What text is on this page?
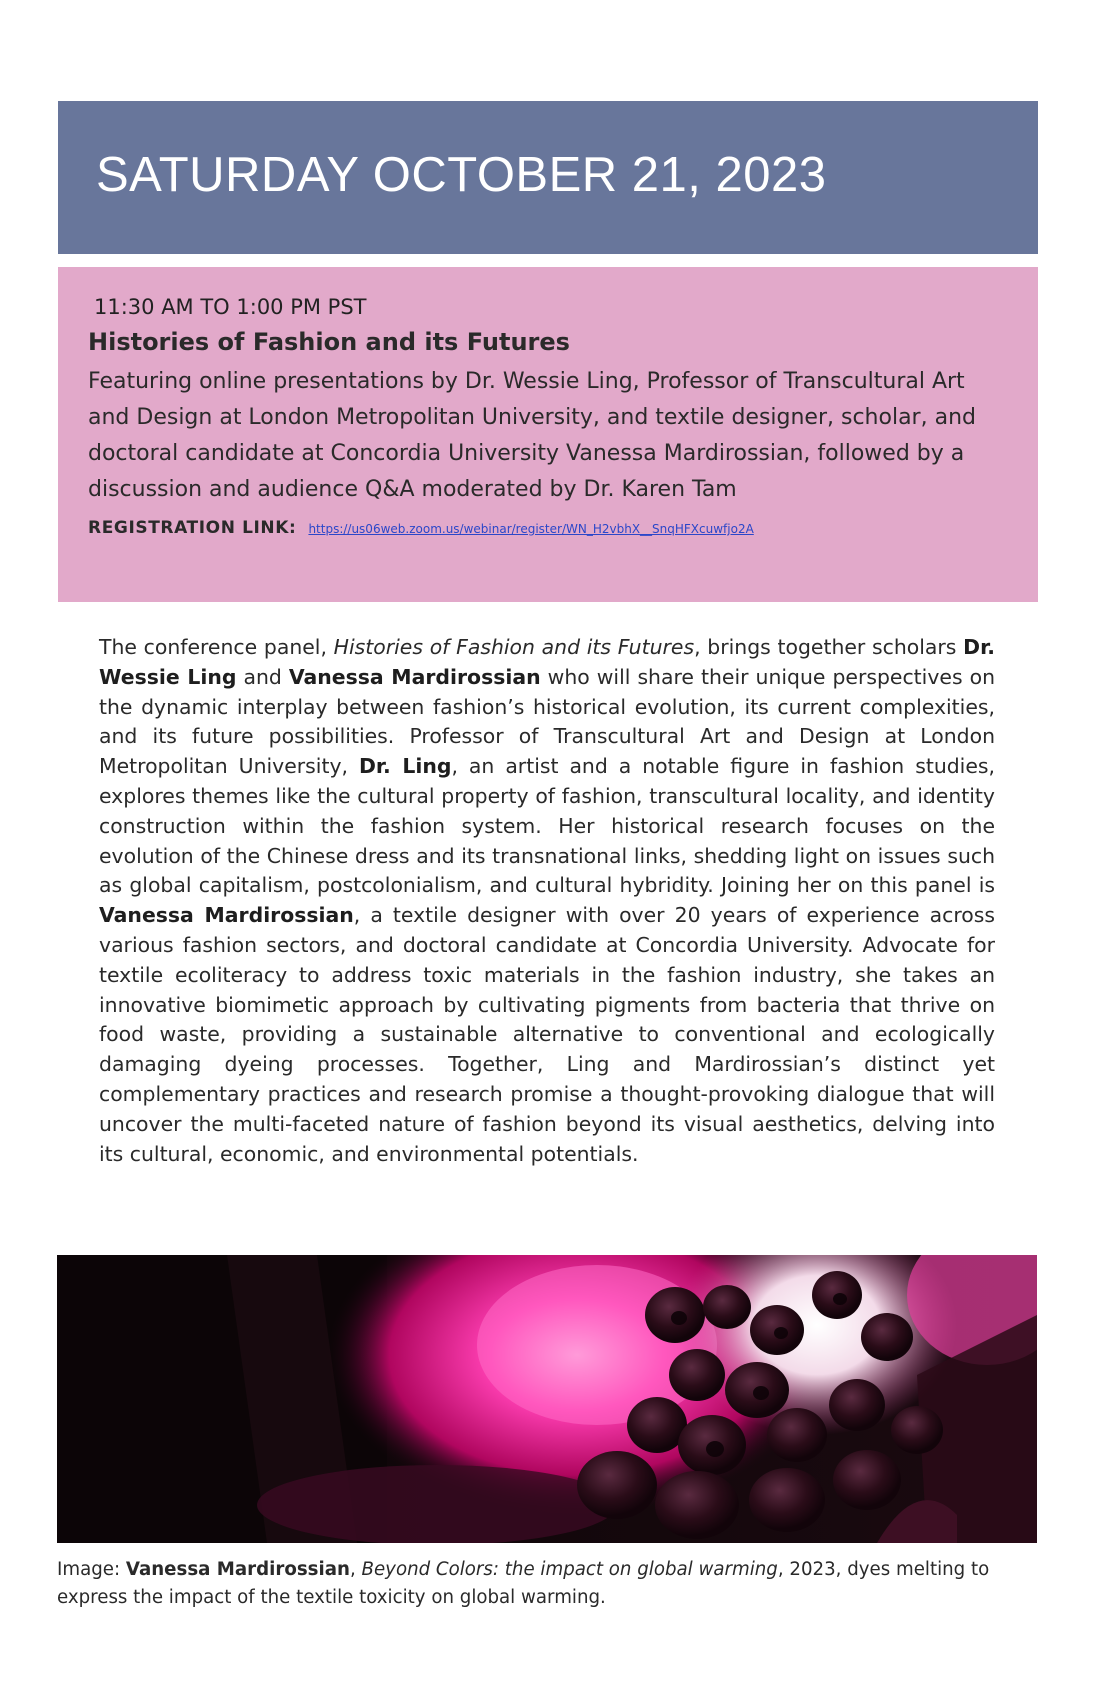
SATURDAY OCTOBER 21, 2023
11:30 AM TO 1:00 PM PST
Histories of Fashion and its Futures
Featuring online presentations by Dr. Wessie Ling, Professor of Transcultural Art and Design at London Metropolitan University, and textile designer, scholar, and doctoral candidate at Concordia University Vanessa Mardirossian, followed by a discussion and audience Q&A moderated by Dr. Karen Tam
REGISTRATION LINK: https://us06web.zoom.us/webinar/register/WN_H2vbhX__SnqHFXcuwfjo2A

The conference panel, Histories of Fashion and its Futures, brings together scholars Dr. Wessie Ling and Vanessa Mardirossian who will share their unique perspectives on the dynamic interplay between fashion’s historical evolution, its current complexities, and its future possibilities. Professor of Transcultural Art and Design at London Metropolitan University, Dr. Ling, an artist and a notable figure in fashion studies, explores themes like the cultural property of fashion, transcultural locality, and identity construction within the fashion system. Her historical research focuses on the evolution of the Chinese dress and its transnational links, shedding light on issues such as global capitalism, postcolonialism, and cultural hybridity. Joining her on this panel is Vanessa Mardirossian, a textile designer with over 20 years of experience across various fashion sectors, and doctoral candidate at Concordia University. Advocate for textile ecoliteracy to address toxic materials in the fashion industry, she takes an innovative biomimetic approach by cultivating pigments from bacteria that thrive on food waste, providing a sustainable alternative to conventional and ecologically damaging dyeing processes. Together, Ling and Mardirossian’s distinct yet complementary practices and research promise a thought-provoking dialogue that will uncover the multi-faceted nature of fashion beyond its visual aesthetics, delving into its cultural, economic, and environmental potentials.

Image: Vanessa Mardirossian, Beyond Colors: the impact on global warming, 2023, dyes melting to express the impact of the textile toxicity on global warming.
